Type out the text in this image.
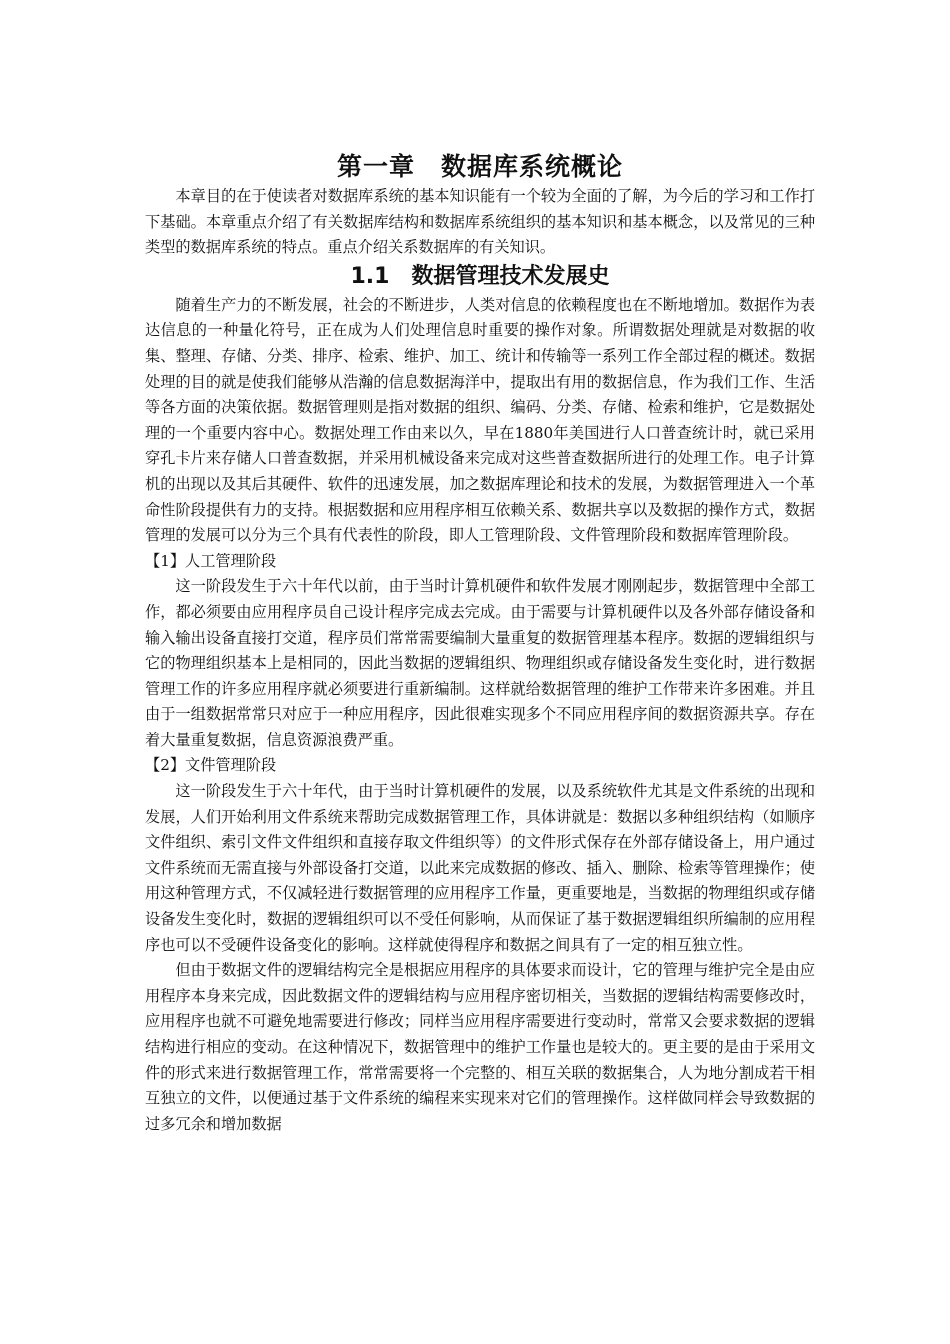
第一章　数据库系统概论

本章目的在于使读者对数据库系统的基本知识能有一个较为全面的了解，为今后的学习和工作打下基础。本章重点介绍了有关数据库结构和数据库系统组织的基本知识和基本概念，以及常见的三种类型的数据库系统的特点。重点介绍关系数据库的有关知识。

1.1　数据管理技术发展史

随着生产力的不断发展，社会的不断进步，人类对信息的依赖程度也在不断地增加。数据作为表达信息的一种量化符号，正在成为人们处理信息时重要的操作对象。所谓数据处理就是对数据的收集、整理、存储、分类、排序、检索、维护、加工、统计和传输等一系列工作全部过程的概述。数据处理的目的就是使我们能够从浩瀚的信息数据海洋中，提取出有用的数据信息，作为我们工作、生活等各方面的决策依据。数据管理则是指对数据的组织、编码、分类、存储、检索和维护，它是数据处理的一个重要内容中心。数据处理工作由来以久，早在1880年美国进行人口普查统计时，就已采用穿孔卡片来存储人口普查数据，并采用机械设备来完成对这些普查数据所进行的处理工作。电子计算机的出现以及其后其硬件、软件的迅速发展，加之数据库理论和技术的发展，为数据管理进入一个革命性阶段提供有力的支持。根据数据和应用程序相互依赖关系、数据共享以及数据的操作方式，数据管理的发展可以分为三个具有代表性的阶段，即人工管理阶段、文件管理阶段和数据库管理阶段。

【1】人工管理阶段

这一阶段发生于六十年代以前，由于当时计算机硬件和软件发展才刚刚起步，数据管理中全部工作，都必须要由应用程序员自己设计程序完成去完成。由于需要与计算机硬件以及各外部存储设备和输入输出设备直接打交道，程序员们常常需要编制大量重复的数据管理基本程序。数据的逻辑组织与它的物理组织基本上是相同的，因此当数据的逻辑组织、物理组织或存储设备发生变化时，进行数据管理工作的许多应用程序就必须要进行重新编制。这样就给数据管理的维护工作带来许多困难。并且由于一组数据常常只对应于一种应用程序，因此很难实现多个不同应用程序间的数据资源共享。存在着大量重复数据，信息资源浪费严重。

【2】文件管理阶段

这一阶段发生于六十年代，由于当时计算机硬件的发展，以及系统软件尤其是文件系统的出现和发展，人们开始利用文件系统来帮助完成数据管理工作，具体讲就是：数据以多种组织结构（如顺序文件组织、索引文件文件组织和直接存取文件组织等）的文件形式保存在外部存储设备上，用户通过文件系统而无需直接与外部设备打交道，以此来完成数据的修改、插入、删除、检索等管理操作；使用这种管理方式，不仅减轻进行数据管理的应用程序工作量，更重要地是，当数据的物理组织或存储设备发生变化时，数据的逻辑组织可以不受任何影响，从而保证了基于数据逻辑组织所编制的应用程序也可以不受硬件设备变化的影响。这样就使得程序和数据之间具有了一定的相互独立性。

但由于数据文件的逻辑结构完全是根据应用程序的具体要求而设计，它的管理与维护完全是由应用程序本身来完成，因此数据文件的逻辑结构与应用程序密切相关，当数据的逻辑结构需要修改时，应用程序也就不可避免地需要进行修改；同样当应用程序需要进行变动时，常常又会要求数据的逻辑结构进行相应的变动。在这种情况下，数据管理中的维护工作量也是较大的。更主要的是由于采用文件的形式来进行数据管理工作，常常需要将一个完整的、相互关联的数据集合，人为地分割成若干相互独立的文件，以便通过基于文件系统的编程来实现来对它们的管理操作。这样做同样会导致数据的过多冗余和增加数据
